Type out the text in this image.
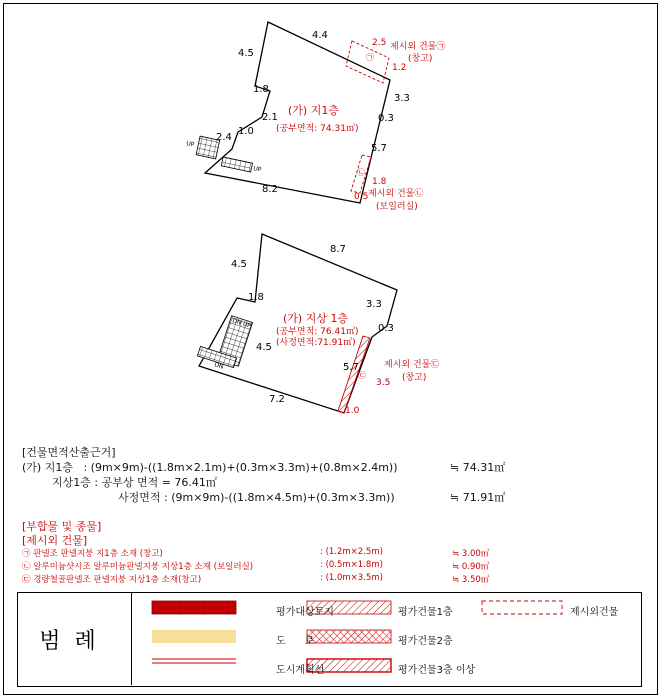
4.4
4.5
1.8
2.1
1.0
2.4
8.2
5.7
0.3
3.3
2.5
1.2
1.8
0.5
㉠
㉡
제시외 건물㉠
(창고)
제시외 건물㉡
(보일러실)
(가) 지1층
(공부면적: 74.31㎡)
UP
UP
8.7
4.5
1.8
4.5
7.2
3.3
0.3
5.7
3.5
1.0
㉢
제시외 건물㉢
(창고)
(가) 지상 1층
(공부면적: 76.41㎡)
(사정면적:71.91㎡)
DN UP
DN
[건물면적산출근거]
(가) 지1층   : (9m×9m)-((1.8m×2.1m)+(0.3m×3.3m)+(0.8m×2.4m))	≒ 74.31㎡
지상1층 : 공부상 면적 = 76.41㎡
사정면적 : (9m×9m)-((1.8m×4.5m)+(0.3m×3.3m))	≒ 71.91㎡
[부합물 및 종물]
[제시외 건물]
㉠ 판넬조 판넬지붕 지1층 소재 (창고)	: (1.2m×2.5m)	≒ 3.00㎡
㉡ 알루미늄샷시조 알루미늄판넬지붕 지상1층 소재 (보일러실)	: (0.5m×1.8m)	≒ 0.90㎡
㉢ 경량철골판넬조 판넬지붕 지상1층 소재(창고)	: (1.0m×3.5m)	≒ 3.50㎡
범례
평가대상토지
도      로
도시계획선
평가건물1층
평가건물2층
평가건물3층 이상
제시외건물
